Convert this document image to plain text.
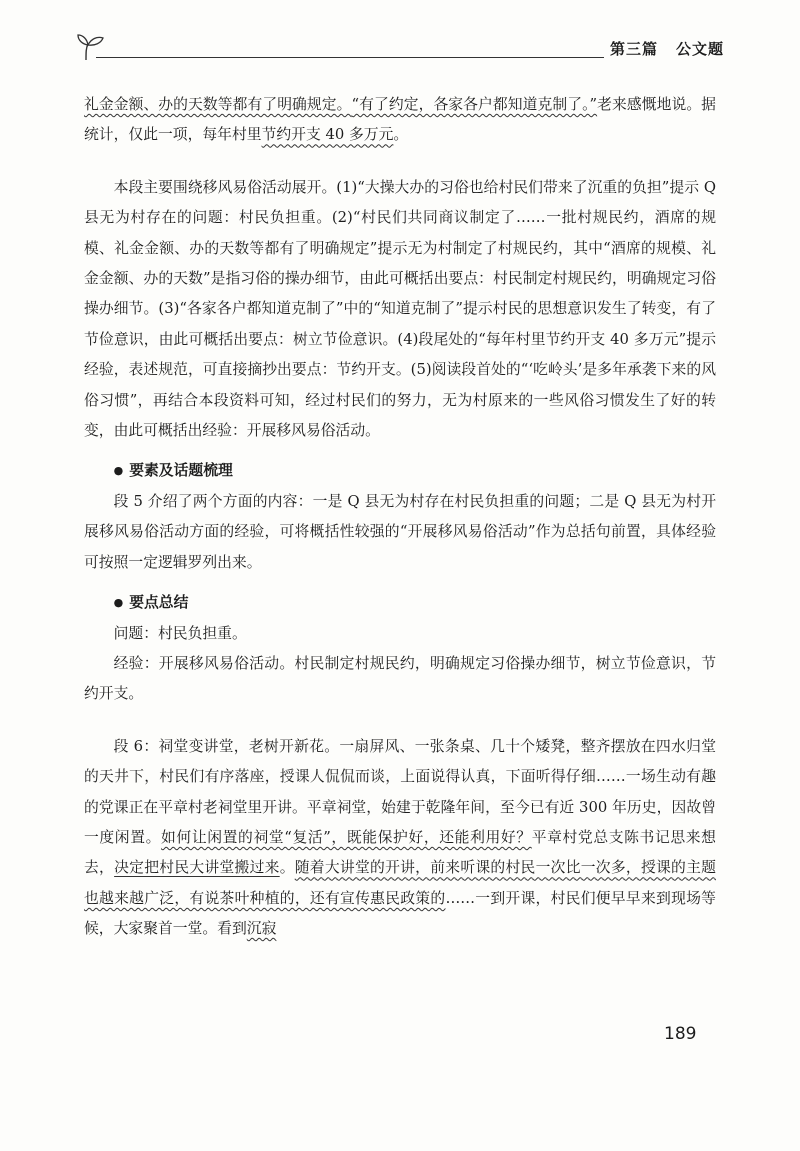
第三篇 公文题

礼金金额、办的天数等都有了明确规定。“有了约定，各家各户都知道克制了。”老来感慨地说。据统计，仅此一项，每年村里节约开支 40 多万元。

本段主要围绕移风易俗活动展开。(1)“大操大办的习俗也给村民们带来了沉重的负担”提示 Q 县无为村存在的问题：村民负担重。(2)“村民们共同商议制定了……一批村规民约，酒席的规模、礼金金额、办的天数等都有了明确规定”提示无为村制定了村规民约，其中“酒席的规模、礼金金额、办的天数”是指习俗的操办细节，由此可概括出要点：村民制定村规民约，明确规定习俗操办细节。(3)“各家各户都知道克制了”中的“知道克制了”提示村民的思想意识发生了转变，有了节俭意识，由此可概括出要点：树立节俭意识。(4)段尾处的“每年村里节约开支 40 多万元”提示经验，表述规范，可直接摘抄出要点：节约开支。(5)阅读段首处的“‘吃岭头’是多年承袭下来的风俗习惯”，再结合本段资料可知，经过村民们的努力，无为村原来的一些风俗习惯发生了好的转变，由此可概括出经验：开展移风易俗活动。

● 要素及话题梳理

段 5 介绍了两个方面的内容：一是 Q 县无为村存在村民负担重的问题；二是 Q 县无为村开展移风易俗活动方面的经验，可将概括性较强的“开展移风易俗活动”作为总括句前置，具体经验可按照一定逻辑罗列出来。

● 要点总结

问题：村民负担重。

经验：开展移风易俗活动。村民制定村规民约，明确规定习俗操办细节，树立节俭意识，节约开支。

段 6：祠堂变讲堂，老树开新花。一扇屏风、一张条桌、几十个矮凳，整齐摆放在四水归堂的天井下，村民们有序落座，授课人侃侃而谈，上面说得认真，下面听得仔细……一场生动有趣的党课正在平章村老祠堂里开讲。平章祠堂，始建于乾隆年间，至今已有近 300 年历史，因故曾一度闲置。如何让闲置的祠堂“复活”，既能保护好，还能利用好？平章村党总支陈书记思来想去，决定把村民大讲堂搬过来。随着大讲堂的开讲，前来听课的村民一次比一次多，授课的主题也越来越广泛，有说茶叶种植的，还有宣传惠民政策的……一到开课，村民们便早早来到现场等候，大家聚首一堂。看到沉寂

189
